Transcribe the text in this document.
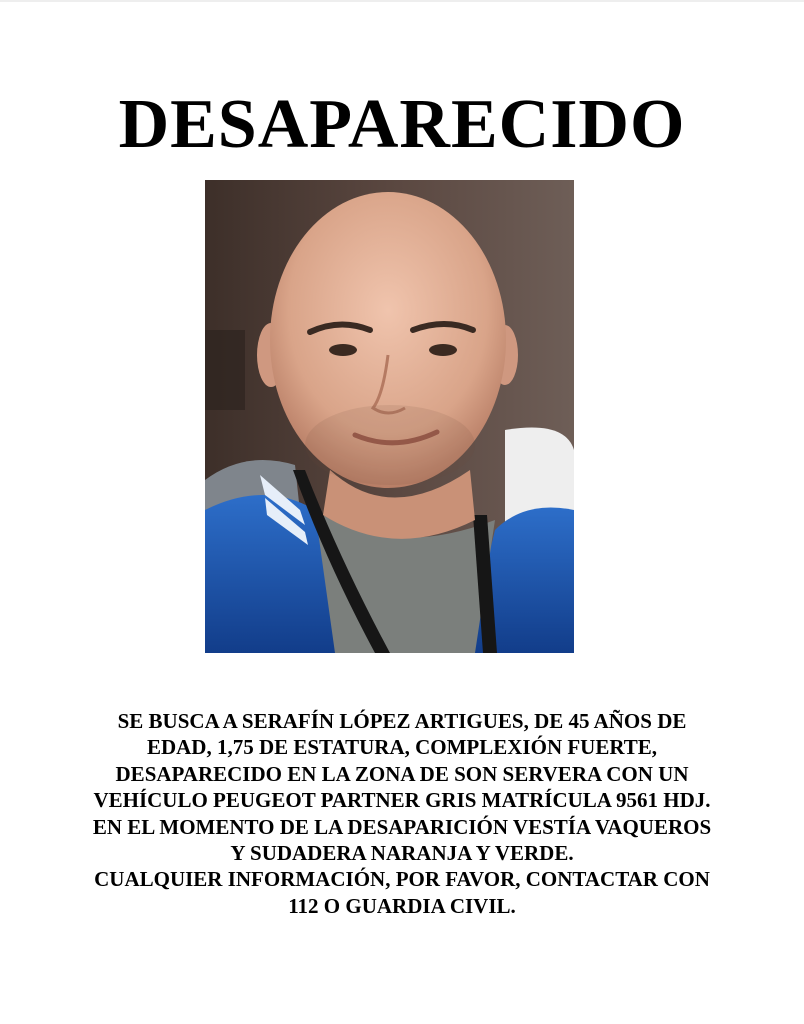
DESAPARECIDO

SE BUSCA A SERAFÍN LÓPEZ ARTIGUES, DE 45 AÑOS DE
EDAD, 1,75 DE ESTATURA, COMPLEXIÓN FUERTE,
DESAPARECIDO EN LA ZONA DE SON SERVERA CON UN
VEHÍCULO PEUGEOT PARTNER GRIS MATRÍCULA 9561 HDJ.
EN EL MOMENTO DE LA DESAPARICIÓN VESTÍA VAQUEROS
Y SUDADERA NARANJA Y VERDE.
CUALQUIER INFORMACIÓN, POR FAVOR, CONTACTAR CON
112 O GUARDIA CIVIL.
